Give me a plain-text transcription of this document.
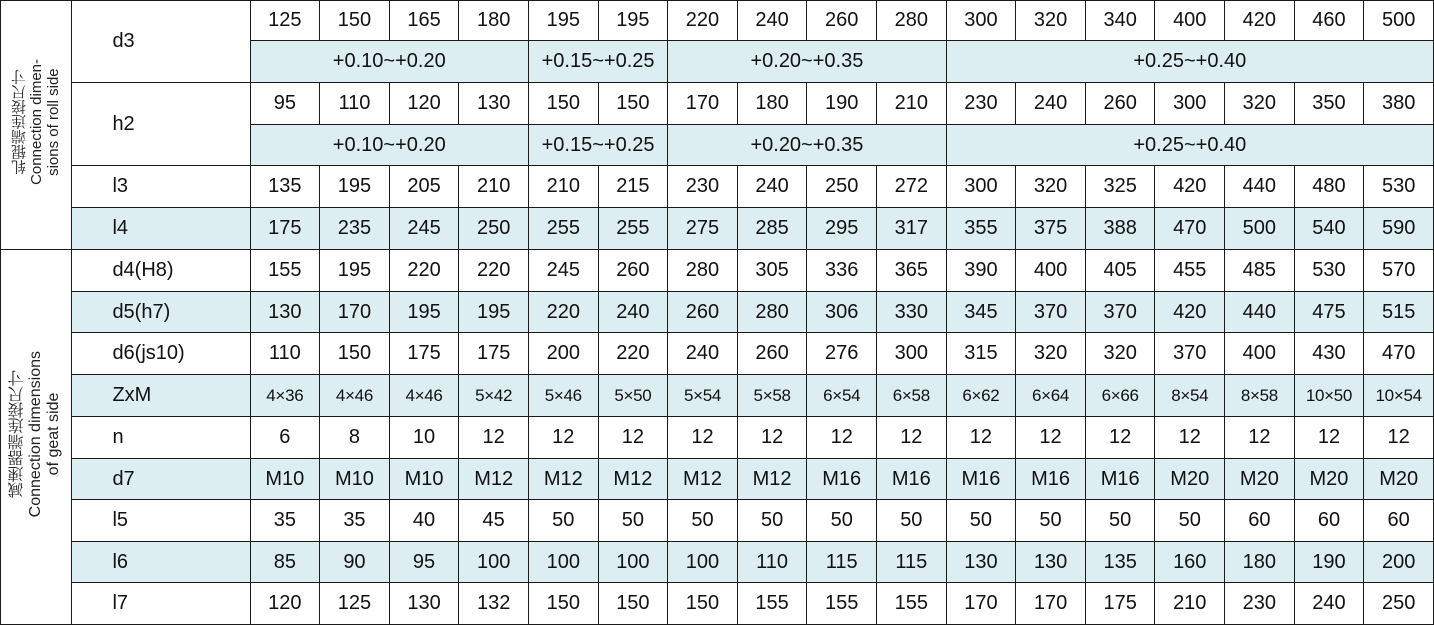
轧辊端连接尺寸 Connection dimen- sions of roll side	d3	125	150	165	180	195	195	220	240	260	280	300	320	340	400	420	460	500
		+0.10~+0.20				+0.15~+0.25		+0.20~+0.35				+0.25~+0.40						
	h2	95	110	120	130	150	150	170	180	190	210	230	240	260	300	320	350	380
		+0.10~+0.20				+0.15~+0.25		+0.20~+0.35				+0.25~+0.40						
	l3	135	195	205	210	210	215	230	240	250	272	300	320	325	420	440	480	530
	l4	175	235	245	250	255	255	275	285	295	317	355	375	388	470	500	540	590

减速器端连接尺寸 Connection dimensions of geat side	d4(H8)	155	195	220	220	245	260	280	305	336	365	390	400	405	455	485	530	570
	d5(h7)	130	170	195	195	220	240	260	280	306	330	345	370	370	420	440	475	515
	d6(js10)	110	150	175	175	200	220	240	260	276	300	315	320	320	370	400	430	470
	ZxM	4×36	4×46	4×46	5×42	5×46	5×50	5×54	5×58	6×54	6×58	6×62	6×64	6×66	8×54	8×58	10×50	10×54
	n	6	8	10	12	12	12	12	12	12	12	12	12	12	12	12	12	12
	d7	M10	M10	M10	M12	M12	M12	M12	M12	M16	M16	M16	M16	M16	M20	M20	M20	M20
	l5	35	35	40	45	50	50	50	50	50	50	50	50	50	50	60	60	60
	l6	85	90	95	100	100	100	100	110	115	115	130	130	135	160	180	190	200
	l7	120	125	130	132	150	150	150	155	155	155	170	170	175	210	230	240	250
